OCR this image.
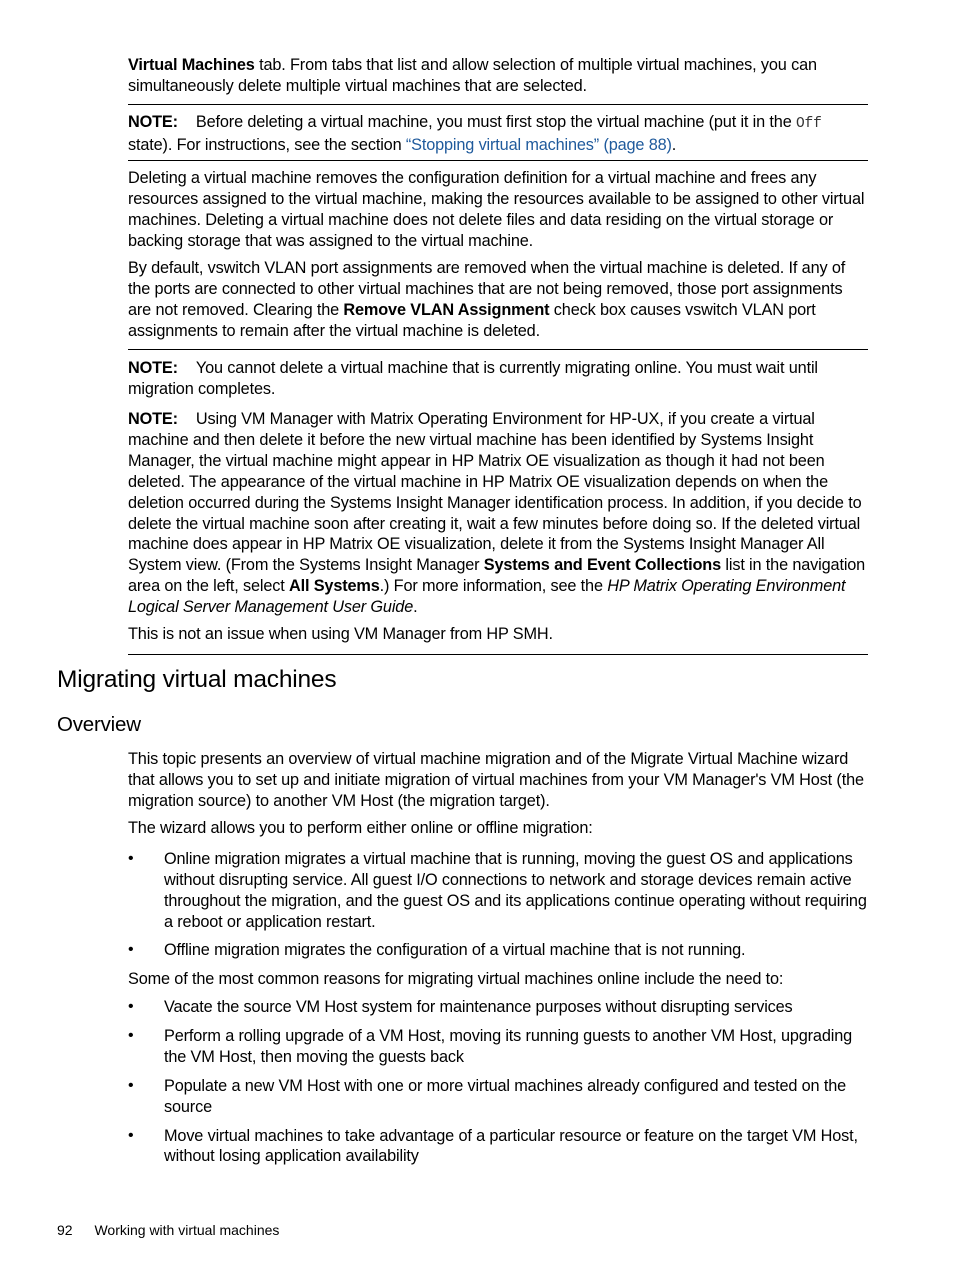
Virtual Machines tab. From tabs that list and allow selection of multiple virtual machines, you can simultaneously delete multiple virtual machines that are selected.

NOTE: Before deleting a virtual machine, you must first stop the virtual machine (put it in the Off state). For instructions, see the section “Stopping virtual machines” (page 88).

Deleting a virtual machine removes the configuration definition for a virtual machine and frees any resources assigned to the virtual machine, making the resources available to be assigned to other virtual machines. Deleting a virtual machine does not delete files and data residing on the virtual storage or backing storage that was assigned to the virtual machine.

By default, vswitch VLAN port assignments are removed when the virtual machine is deleted. If any of the ports are connected to other virtual machines that are not being removed, those port assignments are not removed. Clearing the Remove VLAN Assignment check box causes vswitch VLAN port assignments to remain after the virtual machine is deleted.

NOTE: You cannot delete a virtual machine that is currently migrating online. You must wait until migration completes.

NOTE: Using VM Manager with Matrix Operating Environment for HP-UX, if you create a virtual machine and then delete it before the new virtual machine has been identified by Systems Insight Manager, the virtual machine might appear in HP Matrix OE visualization as though it had not been deleted. The appearance of the virtual machine in HP Matrix OE visualization depends on when the deletion occurred during the Systems Insight Manager identification process. In addition, if you decide to delete the virtual machine soon after creating it, wait a few minutes before doing so. If the deleted virtual machine does appear in HP Matrix OE visualization, delete it from the Systems Insight Manager All System view. (From the Systems Insight Manager Systems and Event Collections list in the navigation area on the left, select All Systems.) For more information, see the HP Matrix Operating Environment Logical Server Management User Guide.

This is not an issue when using VM Manager from HP SMH.

Migrating virtual machines
Overview

This topic presents an overview of virtual machine migration and of the Migrate Virtual Machine wizard that allows you to set up and initiate migration of virtual machines from your VM Manager's VM Host (the migration source) to another VM Host (the migration target).

The wizard allows you to perform either online or offline migration:

• Online migration migrates a virtual machine that is running, moving the guest OS and applications without disrupting service. All guest I/O connections to network and storage devices remain active throughout the migration, and the guest OS and its applications continue operating without requiring a reboot or application restart.

• Offline migration migrates the configuration of a virtual machine that is not running.

Some of the most common reasons for migrating virtual machines online include the need to:

• Vacate the source VM Host system for maintenance purposes without disrupting services

• Perform a rolling upgrade of a VM Host, moving its running guests to another VM Host, upgrading the VM Host, then moving the guests back

• Populate a new VM Host with one or more virtual machines already configured and tested on the source

• Move virtual machines to take advantage of a particular resource or feature on the target VM Host, without losing application availability

92 Working with virtual machines
